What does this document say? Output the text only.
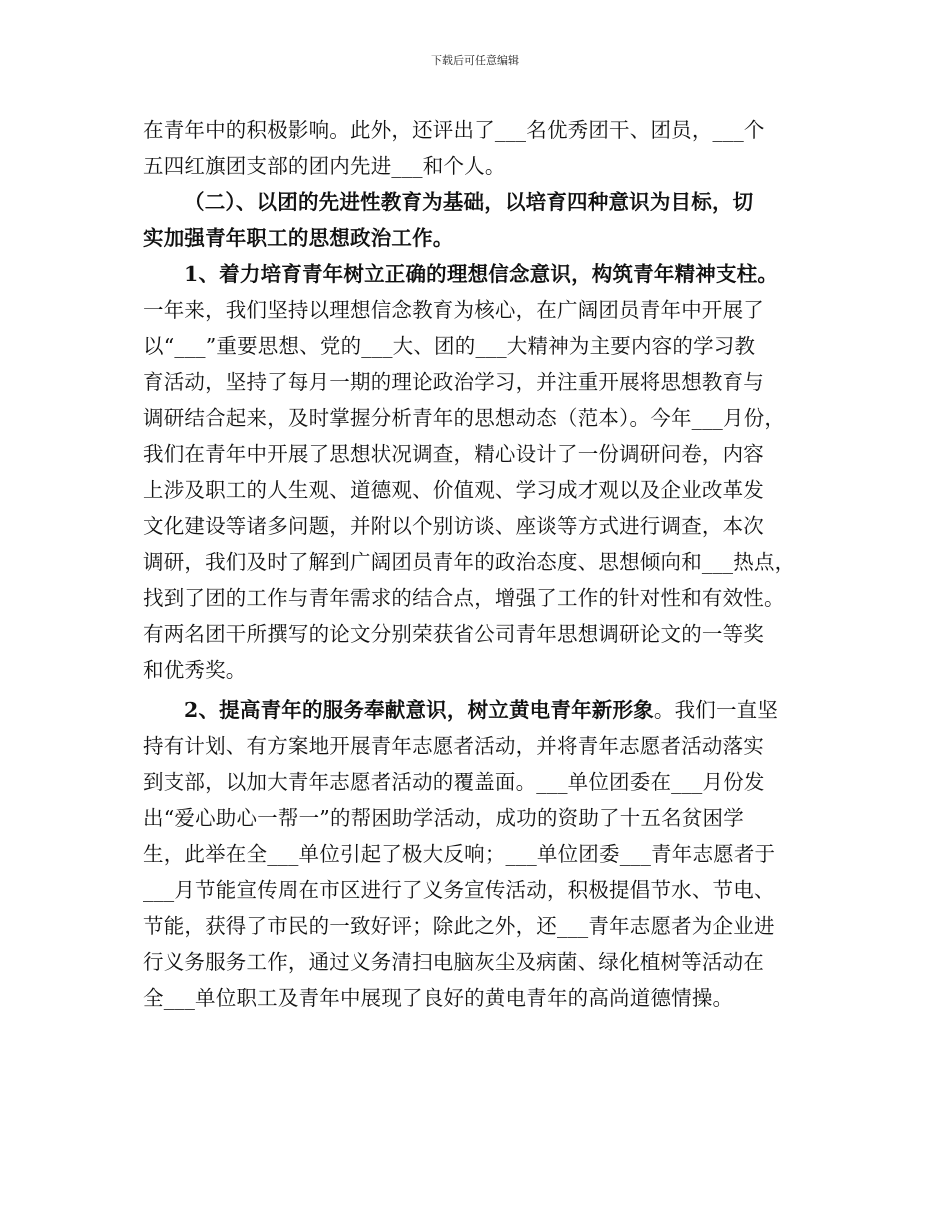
下载后可任意编辑
在青年中的积极影响。此外，还评出了___名优秀团干、团员，___个
五四红旗团支部的团内先进___和个人。
（二）、以团的先进性教育为基础，以培育四种意识为目标，切
实加强青年职工的思想政治工作。
1、着力培育青年树立正确的理想信念意识，构筑青年精神支柱。
一年来，我们坚持以理想信念教育为核心，在广阔团员青年中开展了
以“___”重要思想、党的___大、团的___大精神为主要内容的学习教
育活动，坚持了每月一期的理论政治学习，并注重开展将思想教育与
调研结合起来，及时掌握分析青年的思想动态（范本）。今年___月份，
我们在青年中开展了思想状况调查，精心设计了一份调研问卷，内容
上涉及职工的人生观、道德观、价值观、学习成才观以及企业改革发
文化建设等诸多问题，并附以个别访谈、座谈等方式进行调查，本次
调研，我们及时了解到广阔团员青年的政治态度、思想倾向和___热点，
找到了团的工作与青年需求的结合点，增强了工作的针对性和有效性。
有两名团干所撰写的论文分别荣获省公司青年思想调研论文的一等奖
和优秀奖。
2、提高青年的服务奉献意识，树立黄电青年新形象。我们一直坚
持有计划、有方案地开展青年志愿者活动，并将青年志愿者活动落实
到支部，以加大青年志愿者活动的覆盖面。___单位团委在___月份发
出“爱心助心一帮一”的帮困助学活动，成功的资助了十五名贫困学
生，此举在全___单位引起了极大反响；___单位团委___青年志愿者于
___月节能宣传周在市区进行了义务宣传活动，积极提倡节水、节电、
节能，获得了市民的一致好评；除此之外，还___青年志愿者为企业进
行义务服务工作，通过义务清扫电脑灰尘及病菌、绿化植树等活动在
全___单位职工及青年中展现了良好的黄电青年的高尚道德情操。
